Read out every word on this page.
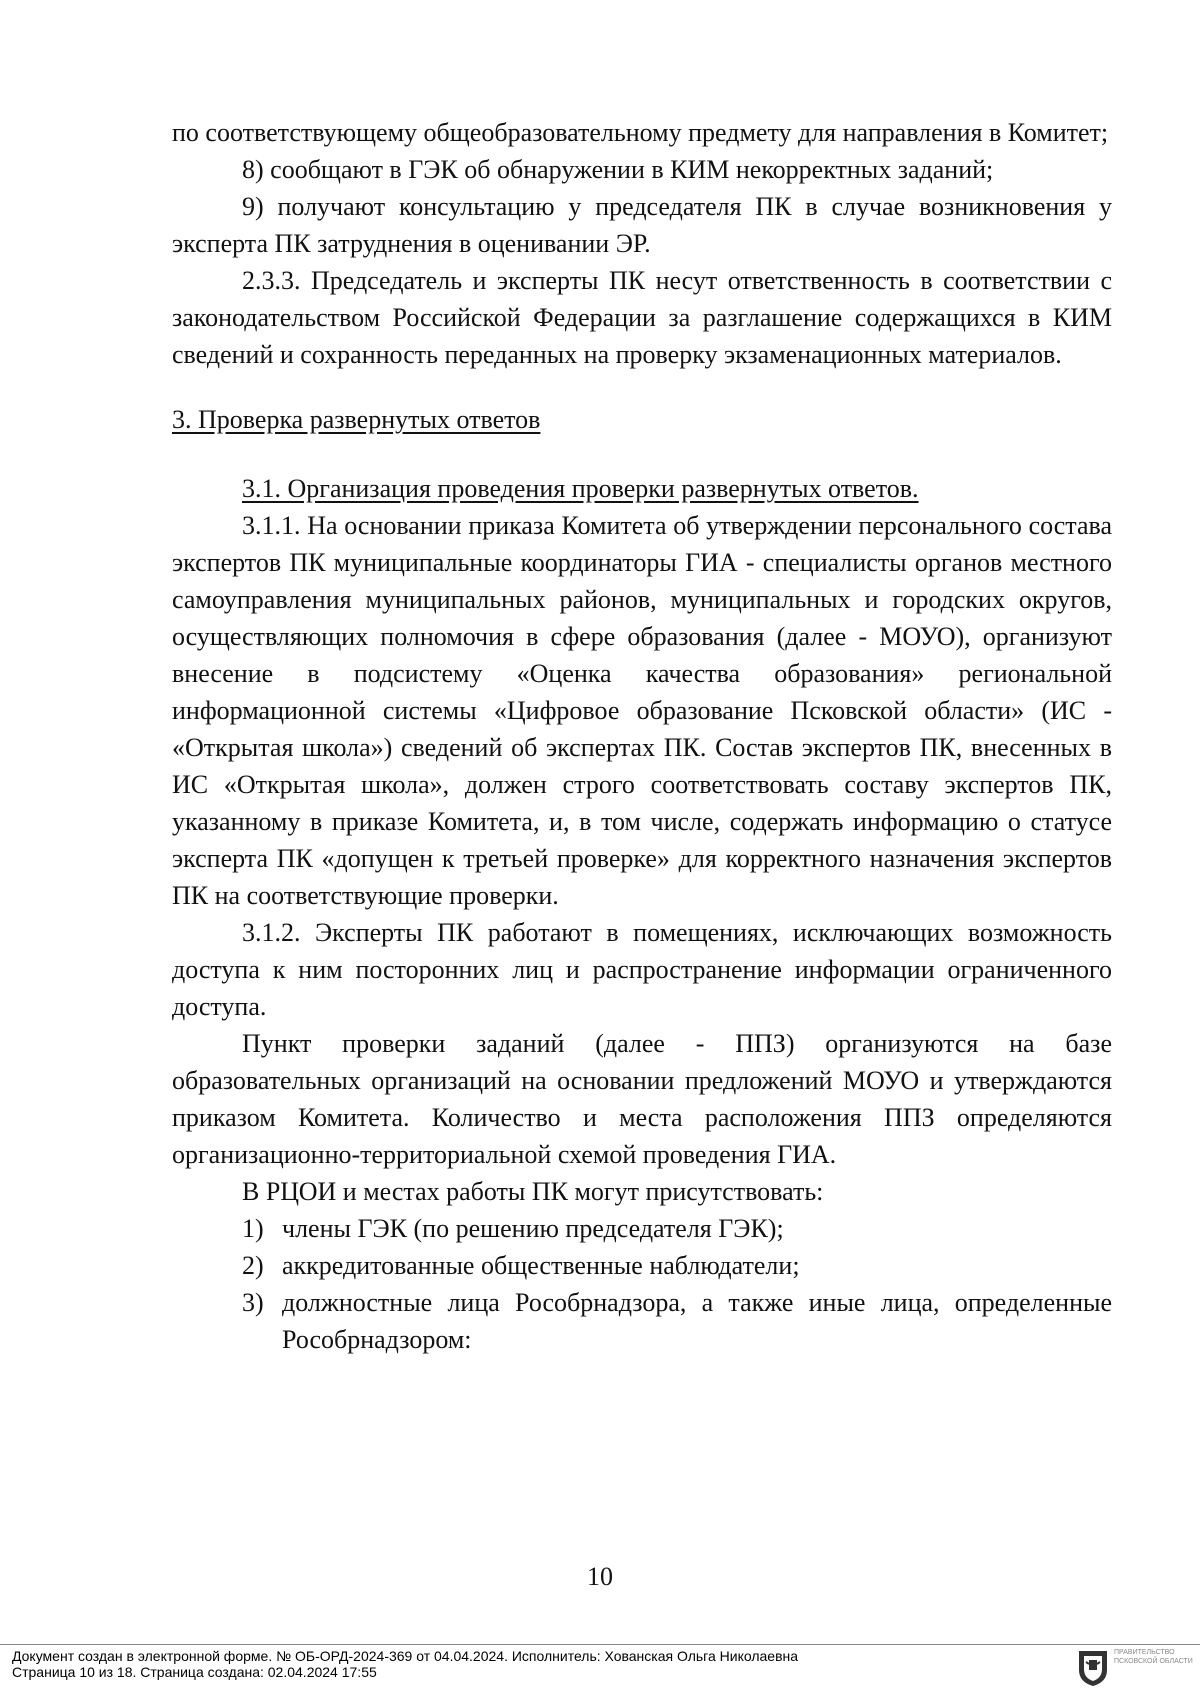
по соответствующему общеобразовательному предмету для направления в Комитет;

8) сообщают в ГЭК об обнаружении в КИМ некорректных заданий;

9) получают консультацию у председателя ПК в случае возникновения у эксперта ПК затруднения в оценивании ЭР.

2.3.3. Председатель и эксперты ПК несут ответственность в соответствии с законодательством Российской Федерации за разглашение содержащихся в КИМ сведений и сохранность переданных на проверку экзаменационных материалов.

3. Проверка развернутых ответов

3.1. Организация проведения проверки развернутых ответов.

3.1.1. На основании приказа Комитета об утверждении персонального состава экспертов ПК муниципальные координаторы ГИА - специалисты органов местного самоуправления муниципальных районов, муниципальных и городских округов, осуществляющих полномочия в сфере образования (далее - МОУО), организуют внесение в подсистему «Оценка качества образования» региональной информационной системы «Цифровое образование Псковской области» (ИС - «Открытая школа») сведений об экспертах ПК. Состав экспертов ПК, внесенных в ИС «Открытая школа», должен строго соответствовать составу экспертов ПК, указанному в приказе Комитета, и, в том числе, содержать информацию о статусе эксперта ПК «допущен к третьей проверке» для корректного назначения экспертов ПК на соответствующие проверки.

3.1.2. Эксперты ПК работают в помещениях, исключающих возможность доступа к ним посторонних лиц и распространение информации ограниченного доступа.

Пункт проверки заданий (далее - ППЗ) организуются на базе образовательных организаций на основании предложений МОУО и утверждаются приказом Комитета. Количество и места расположения ППЗ определяются организационно-территориальной схемой проведения ГИА.

В РЦОИ и местах работы ПК могут присутствовать:

1) члены ГЭК (по решению председателя ГЭК);
2) аккредитованные общественные наблюдатели;
3) должностные лица Рособрнадзора, а также иные лица, определенные Рособрнадзором:
10
Документ создан в электронной форме. № ОБ-ОРД-2024-369 от 04.04.2024. Исполнитель: Хованская Ольга Николаевна
Страница 10 из 18. Страница создана: 02.04.2024 17:55
ПРАВИТЕЛЬСТВО ПСКОВСКОЙ ОБЛАСТИ
